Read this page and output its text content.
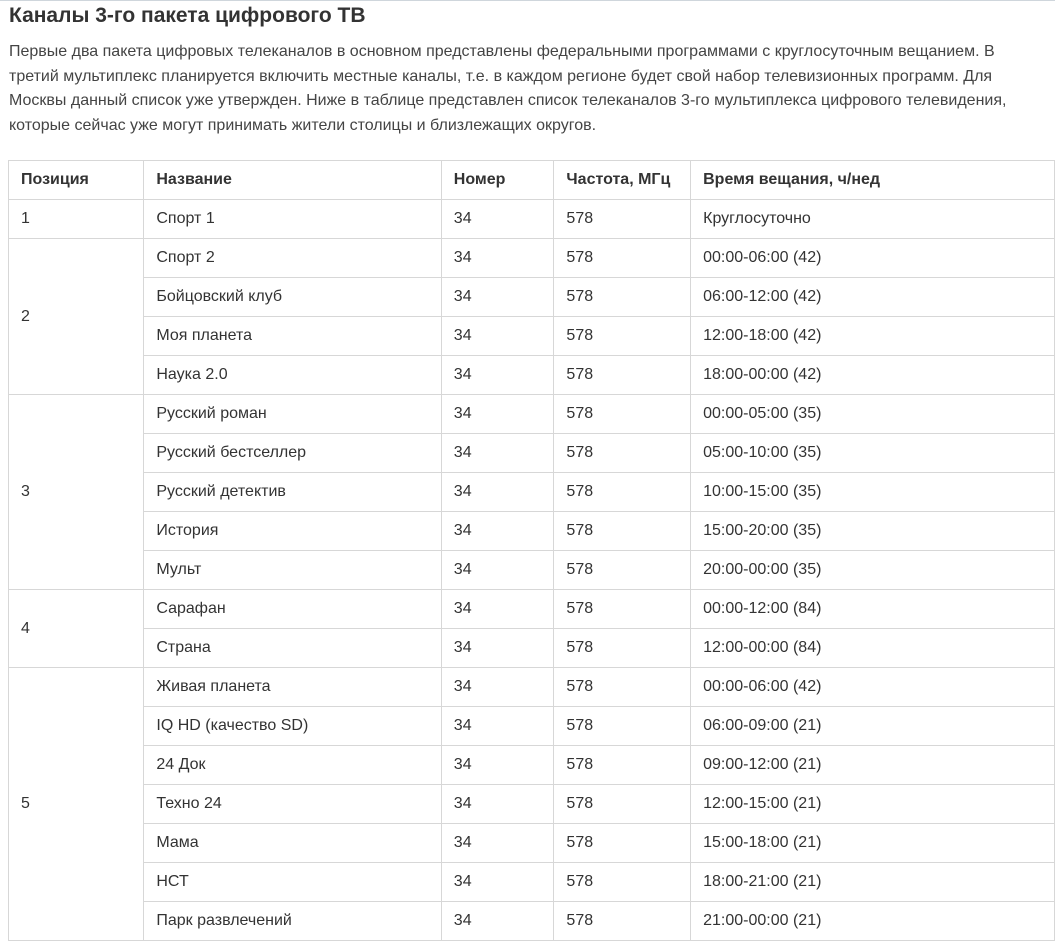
Каналы 3-го пакета цифрового ТВ

Первые два пакета цифровых телеканалов в основном представлены федеральными программами с круглосуточным вещанием. В третий мультиплекс планируется включить местные каналы, т.е. в каждом регионе будет свой набор телевизионных программ. Для Москвы данный список уже утвержден. Ниже в таблице представлен список телеканалов 3-го мультиплекса цифрового телевидения, которые сейчас уже могут принимать жители столицы и близлежащих округов.

Позиция	Название	Номер	Частота, МГц	Время вещания, ч/нед
1	Спорт 1	34	578	Круглосуточно
2	Спорт 2	34	578	00:00-06:00 (42)
	Бойцовский клуб	34	578	06:00-12:00 (42)
	Моя планета	34	578	12:00-18:00 (42)
	Наука 2.0	34	578	18:00-00:00 (42)
3	Русский роман	34	578	00:00-05:00 (35)
	Русский бестселлер	34	578	05:00-10:00 (35)
	Русский детектив	34	578	10:00-15:00 (35)
	История	34	578	15:00-20:00 (35)
	Мульт	34	578	20:00-00:00 (35)
4	Сарафан	34	578	00:00-12:00 (84)
	Страна	34	578	12:00-00:00 (84)
5	Живая планета	34	578	00:00-06:00 (42)
	IQ HD (качество SD)	34	578	06:00-09:00 (21)
	24 Док	34	578	09:00-12:00 (21)
	Техно 24	34	578	12:00-15:00 (21)
	Мама	34	578	15:00-18:00 (21)
	НСТ	34	578	18:00-21:00 (21)
	Парк развлечений	34	578	21:00-00:00 (21)
